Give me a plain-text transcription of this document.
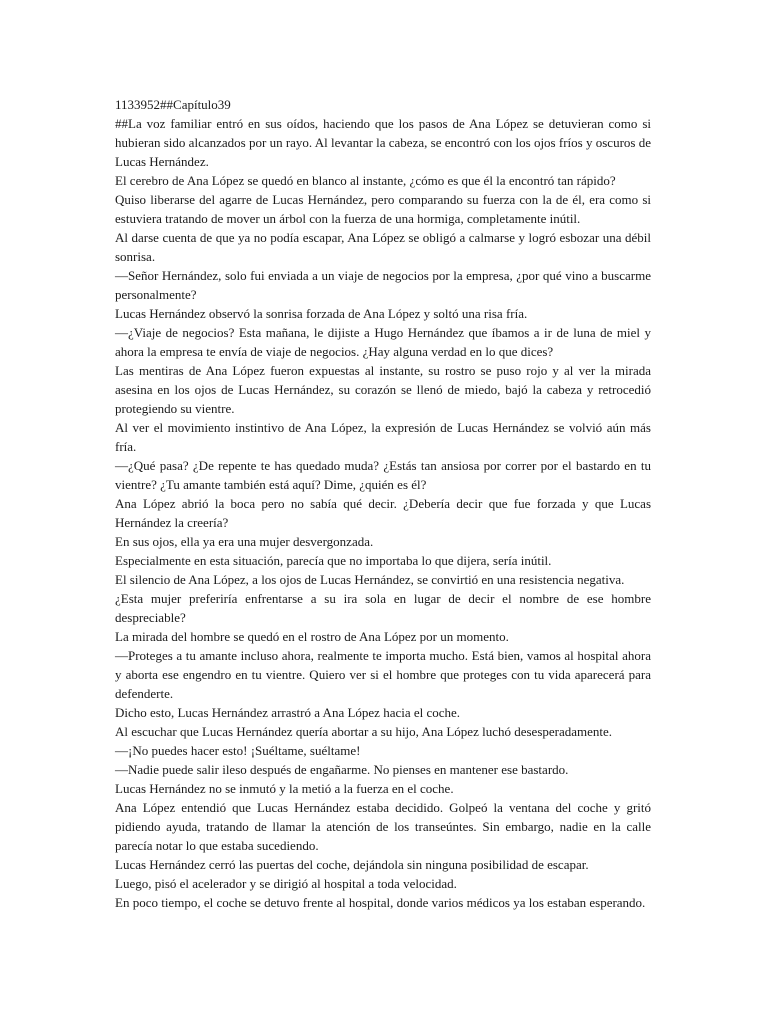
1133952##Capítulo39

##La voz familiar entró en sus oídos, haciendo que los pasos de Ana López se detuvieran como si hubieran sido alcanzados por un rayo. Al levantar la cabeza, se encontró con los ojos fríos y oscuros de Lucas Hernández.

El cerebro de Ana López se quedó en blanco al instante, ¿cómo es que él la encontró tan rápido?

Quiso liberarse del agarre de Lucas Hernández, pero comparando su fuerza con la de él, era como si estuviera tratando de mover un árbol con la fuerza de una hormiga, completamente inútil.

Al darse cuenta de que ya no podía escapar, Ana López se obligó a calmarse y logró esbozar una débil sonrisa.

—Señor Hernández, solo fui enviada a un viaje de negocios por la empresa, ¿por qué vino a buscarme personalmente?

Lucas Hernández observó la sonrisa forzada de Ana López y soltó una risa fría.

—¿Viaje de negocios? Esta mañana, le dijiste a Hugo Hernández que íbamos a ir de luna de miel y ahora la empresa te envía de viaje de negocios. ¿Hay alguna verdad en lo que dices?

Las mentiras de Ana López fueron expuestas al instante, su rostro se puso rojo y al ver la mirada asesina en los ojos de Lucas Hernández, su corazón se llenó de miedo, bajó la cabeza y retrocedió protegiendo su vientre.

Al ver el movimiento instintivo de Ana López, la expresión de Lucas Hernández se volvió aún más fría.

—¿Qué pasa? ¿De repente te has quedado muda? ¿Estás tan ansiosa por correr por el bastardo en tu vientre? ¿Tu amante también está aquí? Dime, ¿quién es él?

Ana López abrió la boca pero no sabía qué decir. ¿Debería decir que fue forzada y que Lucas Hernández la creería?

En sus ojos, ella ya era una mujer desvergonzada.

Especialmente en esta situación, parecía que no importaba lo que dijera, sería inútil.

El silencio de Ana López, a los ojos de Lucas Hernández, se convirtió en una resistencia negativa.

¿Esta mujer preferiría enfrentarse a su ira sola en lugar de decir el nombre de ese hombre despreciable?

La mirada del hombre se quedó en el rostro de Ana López por un momento.

—Proteges a tu amante incluso ahora, realmente te importa mucho. Está bien, vamos al hospital ahora y aborta ese engendro en tu vientre. Quiero ver si el hombre que proteges con tu vida aparecerá para defenderte.

Dicho esto, Lucas Hernández arrastró a Ana López hacia el coche.

Al escuchar que Lucas Hernández quería abortar a su hijo, Ana López luchó desesperadamente.

—¡No puedes hacer esto! ¡Suéltame, suéltame!

—Nadie puede salir ileso después de engañarme. No pienses en mantener ese bastardo.

Lucas Hernández no se inmutó y la metió a la fuerza en el coche.

Ana López entendió que Lucas Hernández estaba decidido. Golpeó la ventana del coche y gritó pidiendo ayuda, tratando de llamar la atención de los transeúntes. Sin embargo, nadie en la calle parecía notar lo que estaba sucediendo.

Lucas Hernández cerró las puertas del coche, dejándola sin ninguna posibilidad de escapar.

Luego, pisó el acelerador y se dirigió al hospital a toda velocidad.

En poco tiempo, el coche se detuvo frente al hospital, donde varios médicos ya los estaban esperando.
